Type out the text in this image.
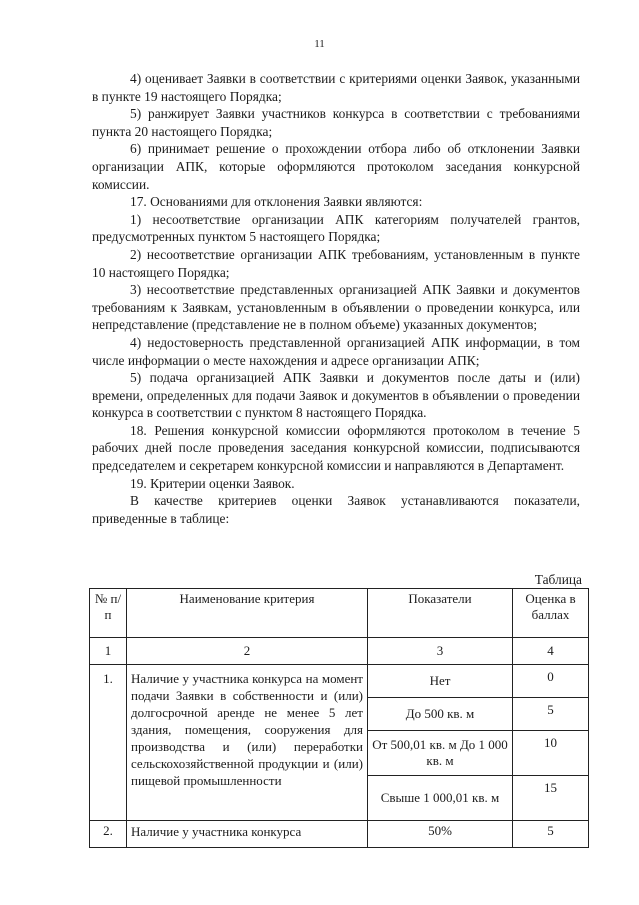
11

4) оценивает Заявки в соответствии с критериями оценки Заявок, указанными в пункте 19 настоящего Порядка;

5) ранжирует Заявки участников конкурса в соответствии с требованиями пункта 20 настоящего Порядка;

6) принимает решение о прохождении отбора либо об отклонении Заявки организации АПК, которые оформляются протоколом заседания конкурсной комиссии.

17. Основаниями для отклонения Заявки являются:

1) несоответствие организации АПК категориям получателей грантов, предусмотренных пунктом 5 настоящего Порядка;

2) несоответствие организации АПК требованиям, установленным в пункте 10 настоящего Порядка;

3) несоответствие представленных организацией АПК Заявки и документов требованиям к Заявкам, установленным в объявлении о проведении конкурса, или непредставление (представление не в полном объеме) указанных документов;

4) недостоверность представленной организацией АПК информации, в том числе информации о месте нахождения и адресе организации АПК;

5) подача организацией АПК Заявки и документов после даты и (или) времени, определенных для подачи Заявок и документов в объявлении о проведении конкурса в соответствии с пунктом 8 настоящего Порядка.

18. Решения конкурсной комиссии оформляются протоколом в течение 5 рабочих дней после проведения заседания конкурсной комиссии, подписываются председателем и секретарем конкурсной комиссии и направляются в Департамент.

19. Критерии оценки Заявок.

В качестве критериев оценки Заявок устанавливаются показатели, приведенные в таблице:

Таблица
№ п/п	Наименование критерия	Показатели	Оценка в баллах
1	2	3	4
1.	Наличие у участника конкурса на момент подачи Заявки в собственности и (или) долгосрочной аренде не менее 5 лет здания, помещения, сооружения для производства и (или) переработки сельскохозяйственной продукции и (или) пищевой промышленности	Нет	0
		До 500 кв. м	5
		От 500,01 кв. м До 1 000 кв. м	10
		Свыше 1 000,01 кв. м	15
2.	Наличие у участника конкурса	50%	5
